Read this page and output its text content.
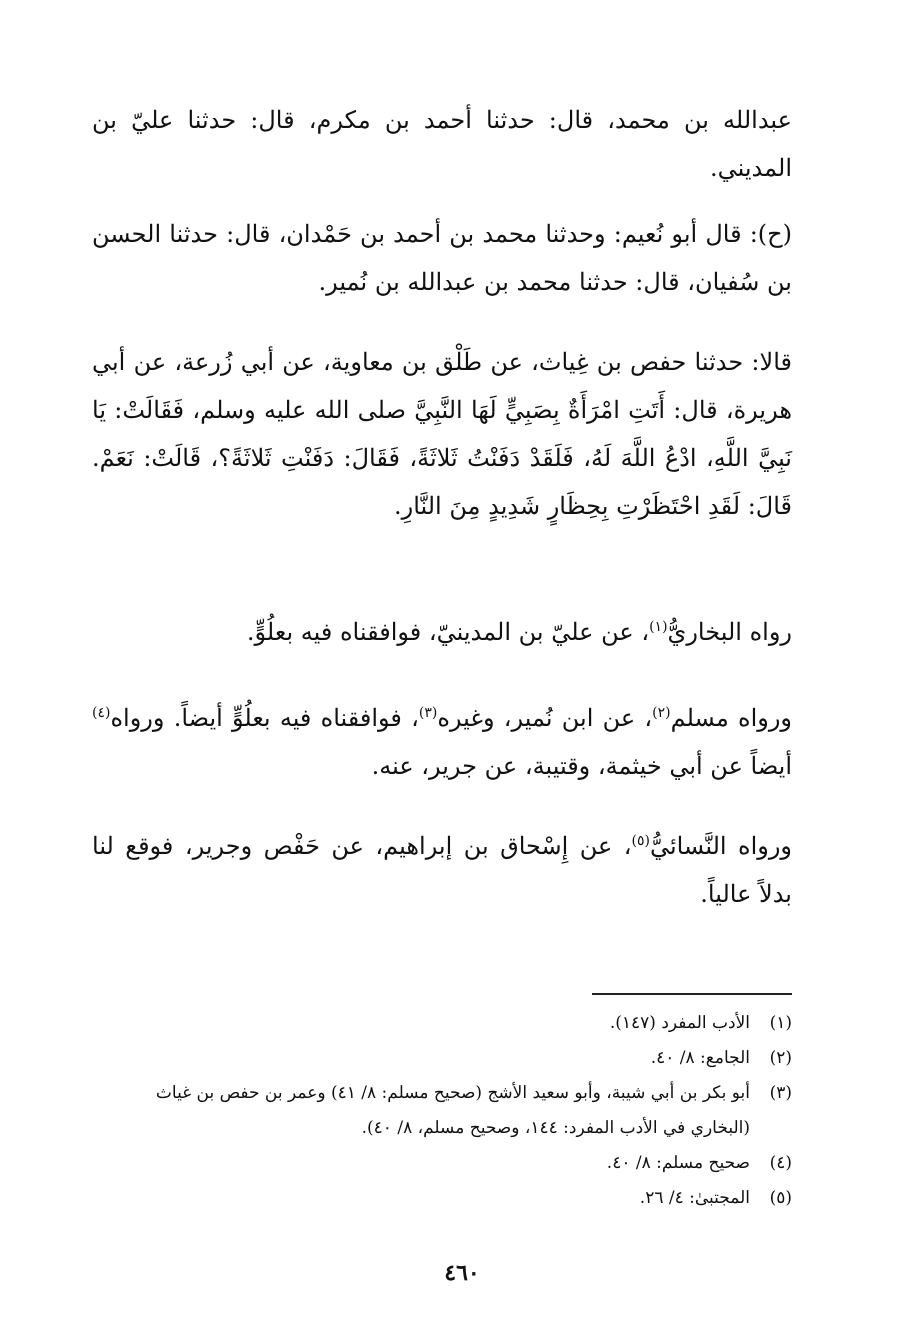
عبدالله بن محمد، قال: حدثنا أحمد بن مكرم، قال: حدثنا عليّ بن المديني.

(ح): قال أبو نُعيم: وحدثنا محمد بن أحمد بن حَمْدان، قال: حدثنا الحسن بن سُفيان، قال: حدثنا محمد بن عبدالله بن نُمير.

قالا: حدثنا حفص بن غِياث، عن طَلْق بن معاوية، عن أبي زُرعة، عن أبي هريرة، قال: أَتَتِ امْرَأَةٌ بِصَبِيٍّ لَهَا النَّبِيَّ صلى الله عليه وسلم، فَقَالَتْ: يَا نَبِيَّ اللَّهِ، ادْعُ اللَّهَ لَهُ، فَلَقَدْ دَفَنْتُ ثَلاثَةً، فَقَالَ: دَفَنْتِ ثَلاثَةً؟، قَالَتْ: نَعَمْ. قَالَ: لَقَدِ احْتَظَرْتِ بِحِظَارٍ شَدِيدٍ مِنَ النَّارِ.

رواه البخاريُّ$^{(١)}$، عن عليّ بن المدينيّ، فوافقناه فيه بعلُوٍّ.

ورواه مسلم$^{(٢)}$، عن ابن نُمير، وغيره$^{(٣)}$، فوافقناه فيه بعلُوٍّ أيضاً. ورواه$^{(٤)}$ أيضاً عن أبي خيثمة، وقتيبة، عن جرير، عنه.

ورواه النَّسائيُّ$^{(٥)}$، عن إِسْحاق بن إبراهيم، عن حَفْص وجرير، فوقع لنا بدلاً عالياً.

(١)
الأدب المفرد (١٤٧).
(٢)
الجامع: ٨/ ٤٠.
(٣)
أبو بكر بن أبي شيبة، وأبو سعيد الأشج (صحيح مسلم: ٨/ ٤١) وعمر بن حفص بن غياث (البخاري في الأدب المفرد: ١٤٤، وصحيح مسلم، ٨/ ٤٠).
(٤)
صحيح مسلم: ٨/ ٤٠.
(٥)
المجتبىٰ: ٤/ ٢٦.
٤٦٠
